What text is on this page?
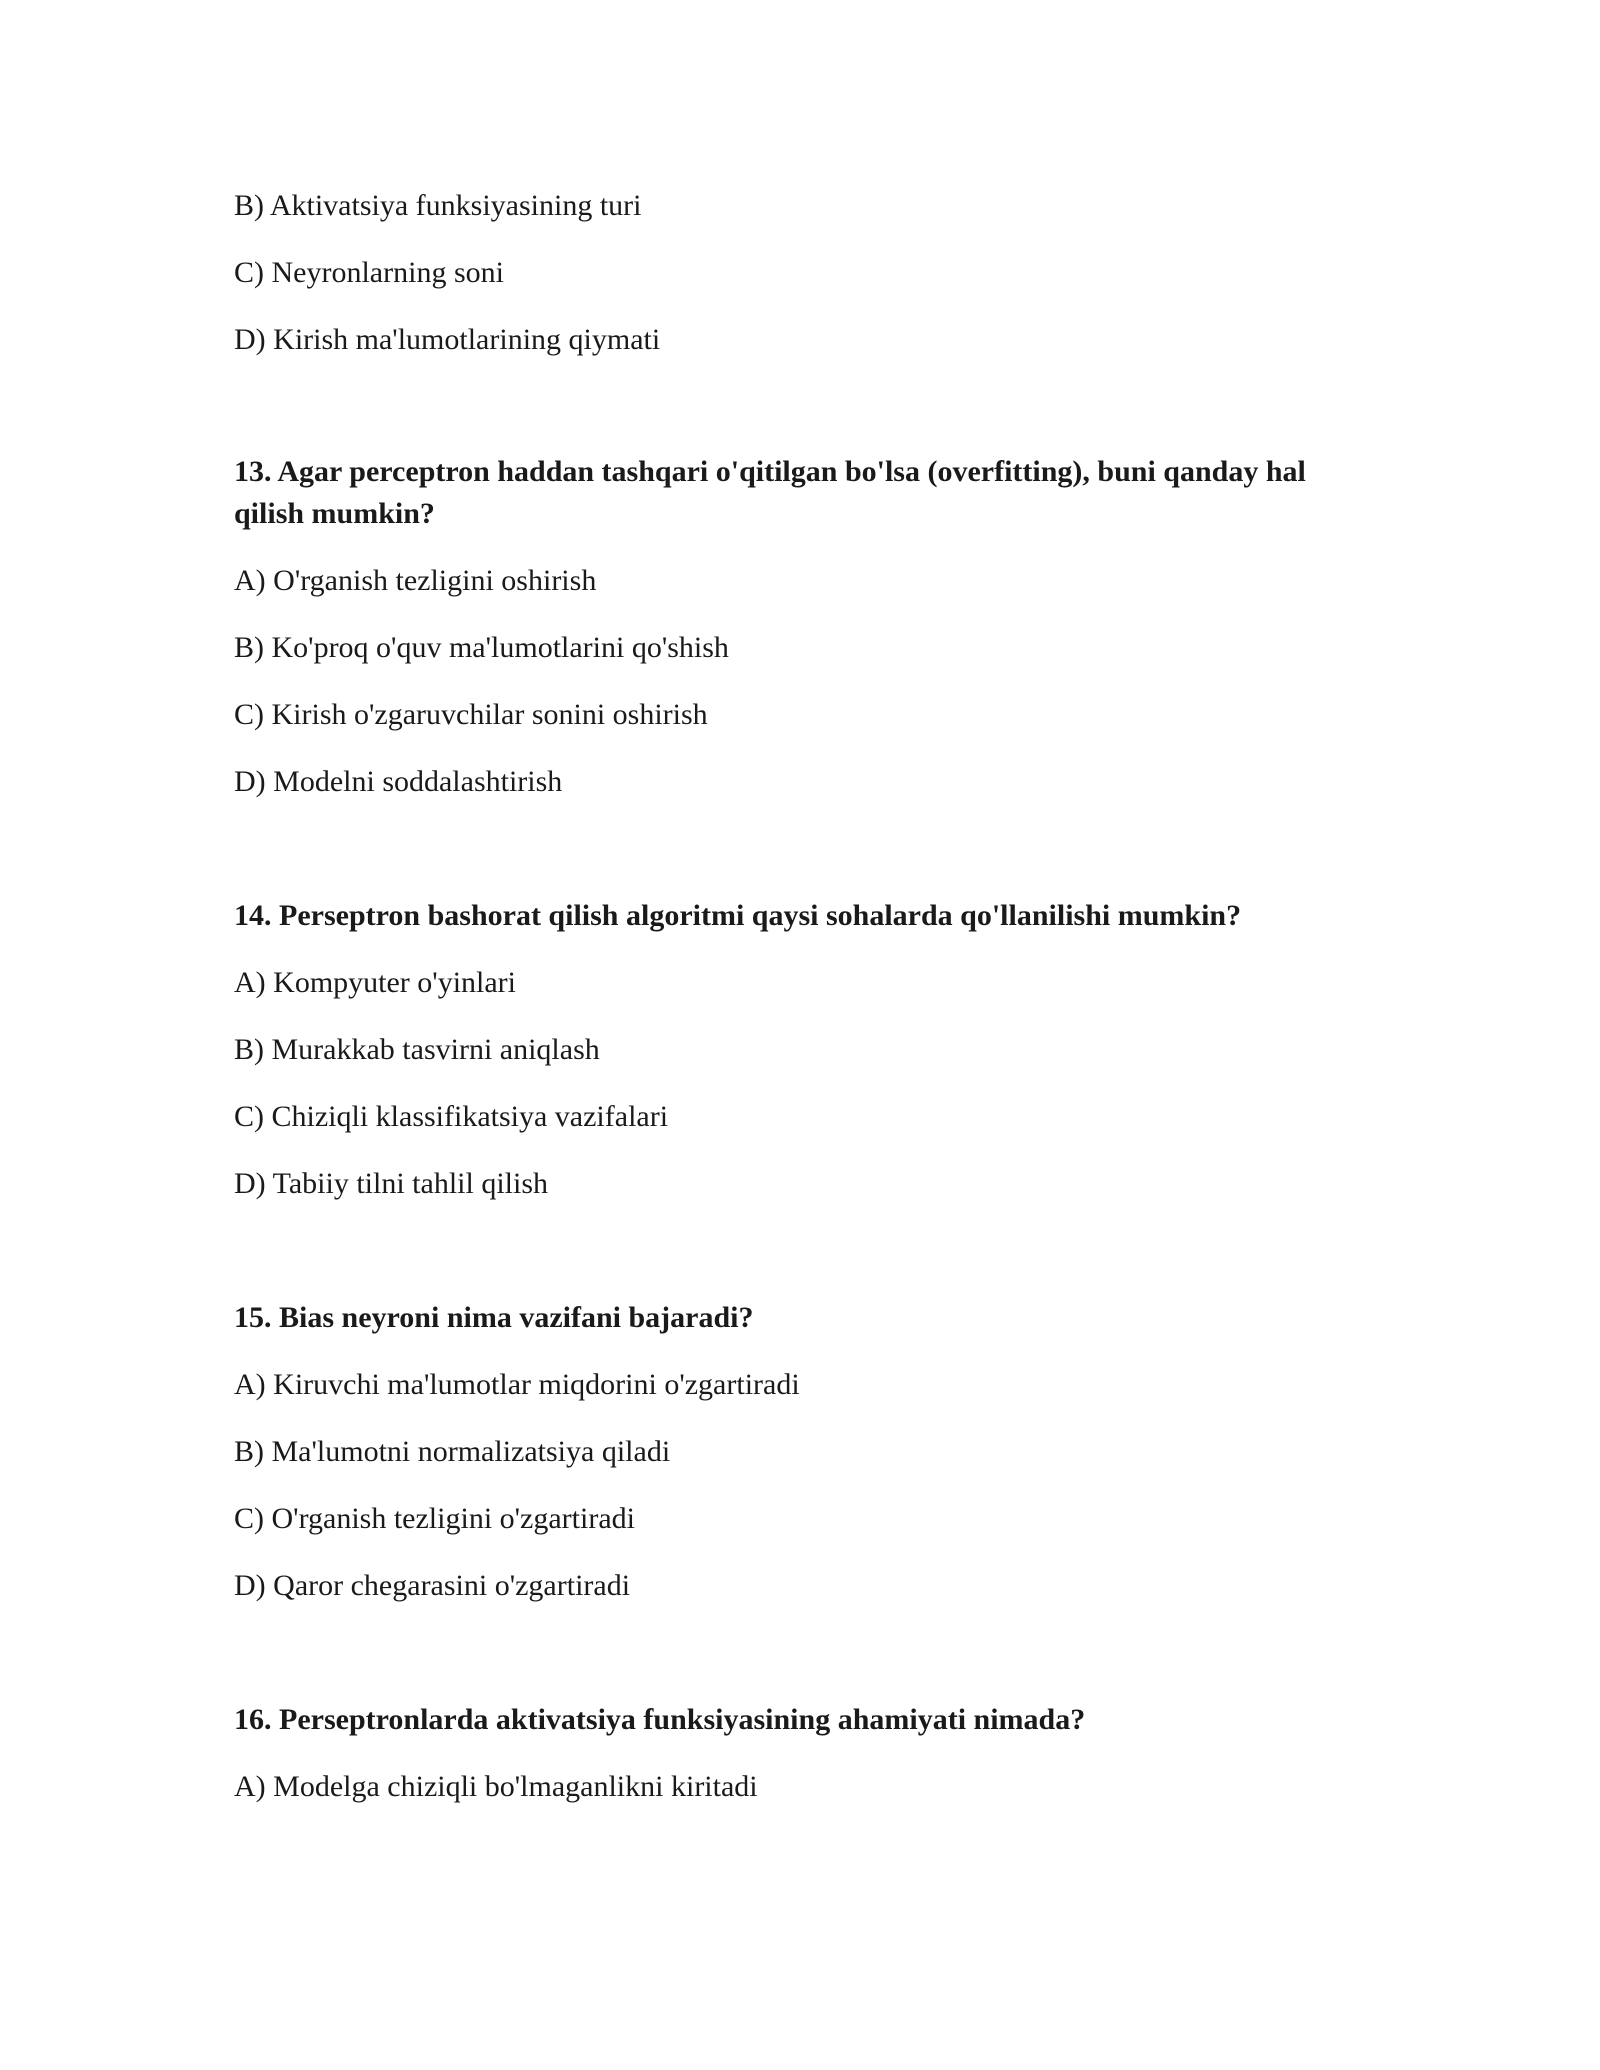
B) Aktivatsiya funksiyasining turi

C) Neyronlarning soni

D) Kirish ma'lumotlarining qiymati

13. Agar perceptron haddan tashqari o'qitilgan bo'lsa (overfitting), buni qanday hal qilish mumkin?

A) O'rganish tezligini oshirish

B) Ko'proq o'quv ma'lumotlarini qo'shish

C) Kirish o'zgaruvchilar sonini oshirish

D) Modelni soddalashtirish

14. Perseptron bashorat qilish algoritmi qaysi sohalarda qo'llanilishi mumkin?

A) Kompyuter o'yinlari

B) Murakkab tasvirni aniqlash

C) Chiziqli klassifikatsiya vazifalari

D) Tabiiy tilni tahlil qilish

15. Bias neyroni nima vazifani bajaradi?

A) Kiruvchi ma'lumotlar miqdorini o'zgartiradi

B) Ma'lumotni normalizatsiya qiladi

C) O'rganish tezligini o'zgartiradi

D) Qaror chegarasini o'zgartiradi

16. Perseptronlarda aktivatsiya funksiyasining ahamiyati nimada?

A) Modelga chiziqli bo'lmaganlikni kiritadi
